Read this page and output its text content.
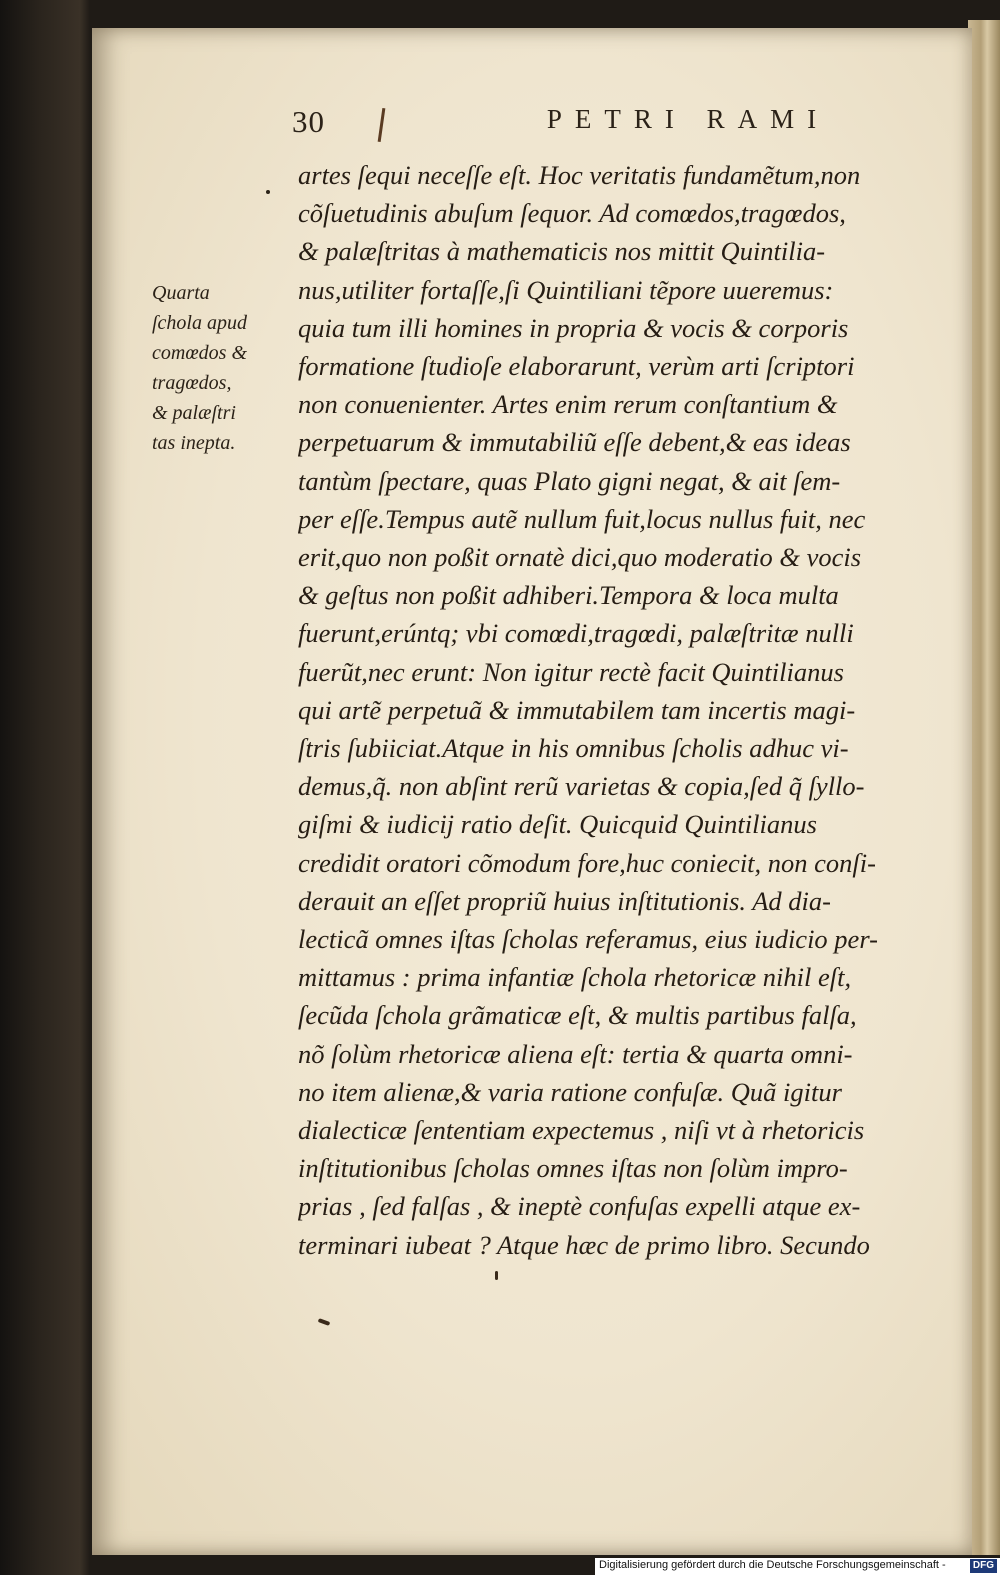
30	PETRI RAMI
Quarta
ſchola apud
comœdos &
tragœdos,
& palæſtri
tas inepta.
artes ſequi neceſſe eſt. Hoc veritatis fundamẽtum,non
cõſuetudinis abuſum ſequor. Ad comœdos,tragœdos,
& palæſtritas à mathematicis nos mittit Quintilia-
nus,utiliter fortaſſe,ſi Quintiliani tẽpore uueremus:
quia tum illi homines in propria & vocis & corporis
formatione ſtudioſe elaborarunt, verùm arti ſcriptori
non conuenienter. Artes enim rerum conſtantium &
perpetuarum & immutabiliũ eſſe debent,& eas ideas
tantùm ſpectare, quas Plato gigni negat, & ait ſem-
per eſſe.Tempus autẽ nullum fuit,locus nullus fuit, nec
erit,quo non poßit ornatè dici,quo moderatio & vocis
& geſtus non poßit adhiberi.Tempora & loca multa
fuerunt,erúntq; vbi comœdi,tragœdi, palæſtritæ nulli
fuerũt,nec erunt: Non igitur rectè facit Quintilianus
qui artẽ perpetuã & immutabilem tam incertis magi-
ſtris ſubiiciat.Atque in his omnibus ſcholis adhuc vi-
demus,q̃. non abſint rerũ varietas & copia,ſed q̃ ſyllo-
giſmi & iudicij ratio deſit. Quicquid Quintilianus
credidit oratori cõmodum fore,huc coniecit, non conſi-
derauit an eſſet propriũ huius inſtitutionis. Ad dia-
lecticã omnes iſtas ſcholas referamus, eius iudicio per-
mittamus : prima infantiæ ſchola rhetoricæ nihil eſt,
ſecũda ſchola grãmaticæ eſt, & multis partibus falſa,
nõ ſolùm rhetoricæ aliena eſt: tertia & quarta omni-
no item alienæ,& varia ratione confuſæ. Quã igitur
dialecticæ ſententiam expectemus , niſi vt à rhetoricis
inſtitutionibus ſcholas omnes iſtas non ſolùm impro-
prias , ſed falſas , & ineptè confuſas expelli atque ex-
terminari iubeat ? Atque hæc de primo libro. Secundo
Digitalisierung gefördert durch die Deutsche Forschungsgemeinschaft -	DFG
